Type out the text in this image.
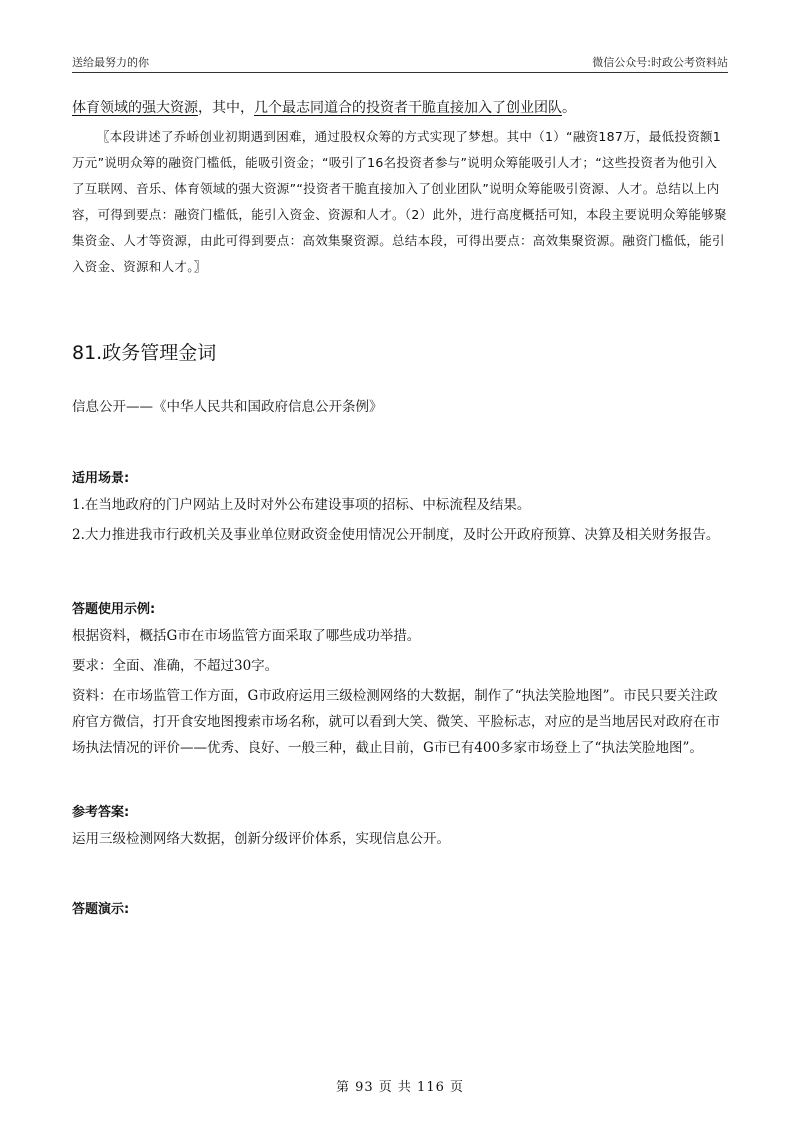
送给最努力的你	微信公众号:时政公考资料站

体育领域的强大资源，其中，几个最志同道合的投资者干脆直接加入了创业团队。

〖本段讲述了乔峤创业初期遇到困难，通过股权众筹的方式实现了梦想。其中（1）“融资187万，最低投资额1万元”说明众筹的融资门槛低，能吸引资金；“吸引了16名投资者参与”说明众筹能吸引人才；“这些投资者为他引入了互联网、音乐、体育领域的强大资源”“投资者干脆直接加入了创业团队”说明众筹能吸引资源、人才。总结以上内容，可得到要点：融资门槛低，能引入资金、资源和人才。（2）此外，进行高度概括可知，本段主要说明众筹能够聚集资金、人才等资源，由此可得到要点：高效集聚资源。总结本段，可得出要点：高效集聚资源。融资门槛低，能引入资金、资源和人才。〗

81.政务管理金词

信息公开——《中华人民共和国政府信息公开条例》

适用场景:

1.在当地政府的门户网站上及时对外公布建设事项的招标、中标流程及结果。

2.大力推进我市行政机关及事业单位财政资金使用情况公开制度，及时公开政府预算、决算及相关财务报告。

答题使用示例:

根据资料，概括G市在市场监管方面采取了哪些成功举措。

要求：全面、准确，不超过30字。

资料：在市场监管工作方面，G市政府运用三级检测网络的大数据，制作了“执法笑脸地图”。市民只要关注政府官方微信，打开食安地图搜索市场名称，就可以看到大笑、微笑、平脸标志，对应的是当地居民对政府在市场执法情况的评价——优秀、良好、一般三种，截止目前，G市已有400多家市场登上了“执法笑脸地图”。

参考答案:

运用三级检测网络大数据，创新分级评价体系，实现信息公开。

答题演示:

第 93 页 共 116 页
